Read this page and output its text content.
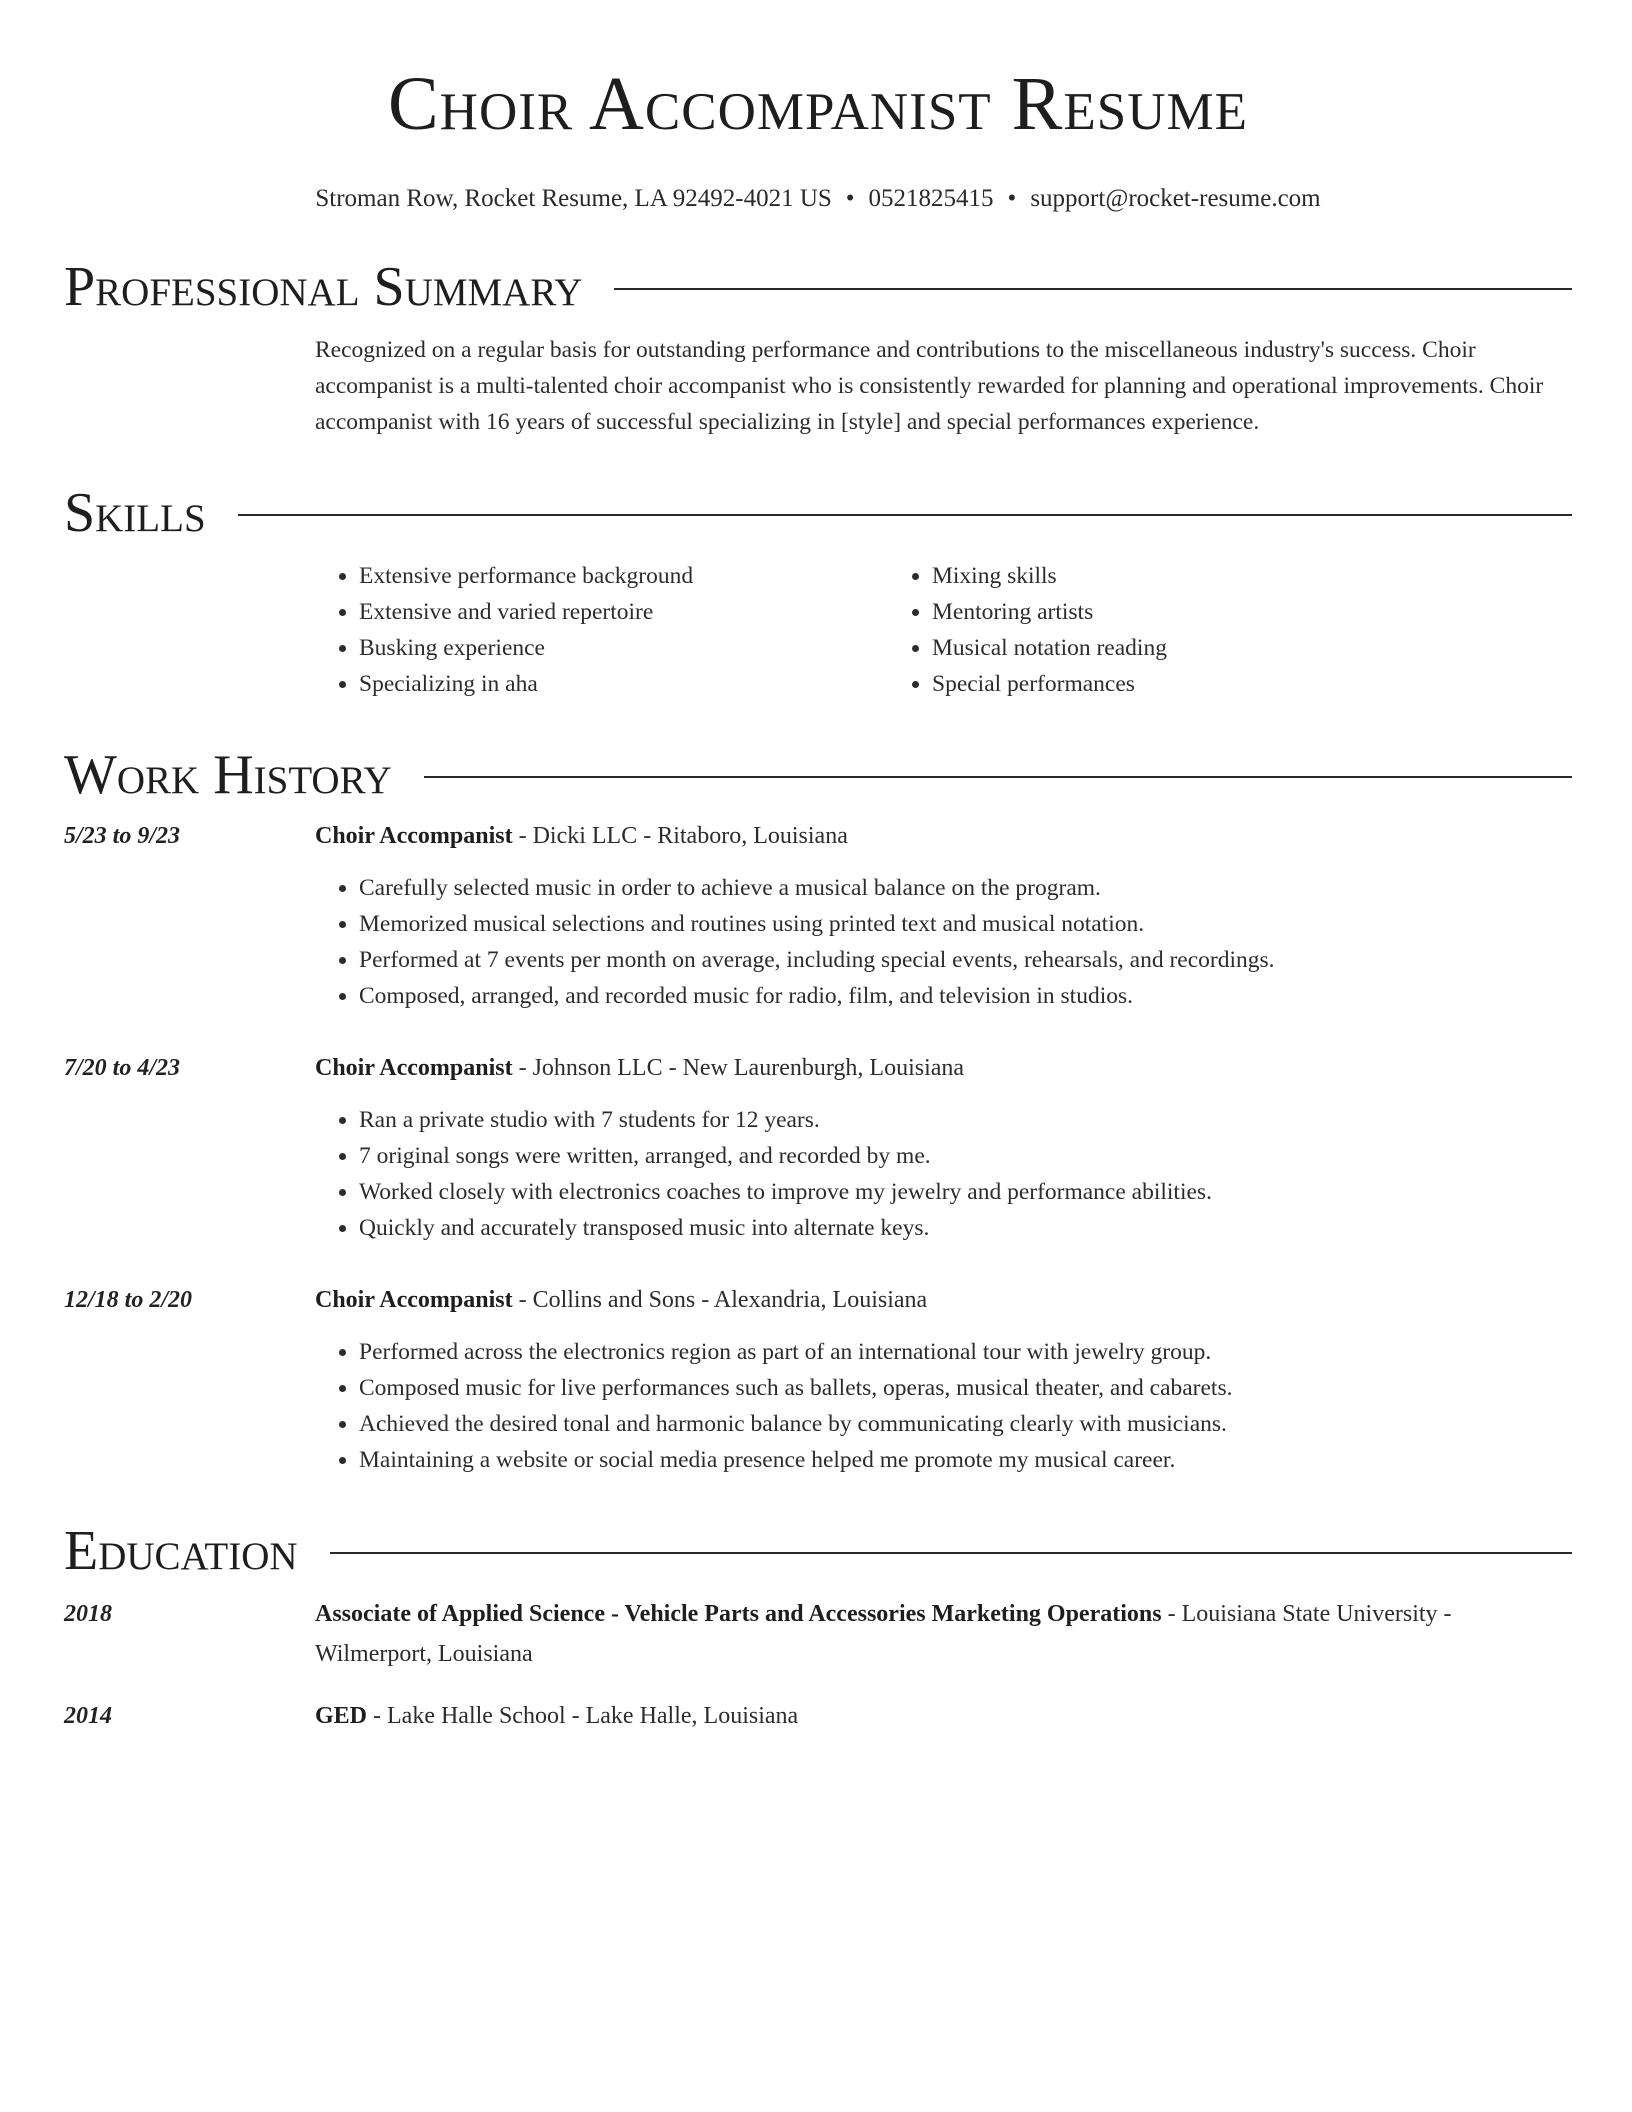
Choir Accompanist Resume
Stroman Row, Rocket Resume, LA 92492-4021 US • 0521825415 • support@rocket-resume.com
Professional Summary
Recognized on a regular basis for outstanding performance and contributions to the miscellaneous industry's success. Choir accompanist is a multi-talented choir accompanist who is consistently rewarded for planning and operational improvements. Choir accompanist with 16 years of successful specializing in [style] and special performances experience.
Skills
• Extensive performance background
• Extensive and varied repertoire
• Busking experience
• Specializing in aha
• Mixing skills
• Mentoring artists
• Musical notation reading
• Special performances
Work History
5/23 to 9/23	Choir Accompanist - Dicki LLC - Ritaboro, Louisiana
• Carefully selected music in order to achieve a musical balance on the program.
• Memorized musical selections and routines using printed text and musical notation.
• Performed at 7 events per month on average, including special events, rehearsals, and recordings.
• Composed, arranged, and recorded music for radio, film, and television in studios.
7/20 to 4/23	Choir Accompanist - Johnson LLC - New Laurenburgh, Louisiana
• Ran a private studio with 7 students for 12 years.
• 7 original songs were written, arranged, and recorded by me.
• Worked closely with electronics coaches to improve my jewelry and performance abilities.
• Quickly and accurately transposed music into alternate keys.
12/18 to 2/20	Choir Accompanist - Collins and Sons - Alexandria, Louisiana
• Performed across the electronics region as part of an international tour with jewelry group.
• Composed music for live performances such as ballets, operas, musical theater, and cabarets.
• Achieved the desired tonal and harmonic balance by communicating clearly with musicians.
• Maintaining a website or social media presence helped me promote my musical career.
Education
2018	Associate of Applied Science - Vehicle Parts and Accessories Marketing Operations - Louisiana State University - Wilmerport, Louisiana
2014	GED - Lake Halle School - Lake Halle, Louisiana
